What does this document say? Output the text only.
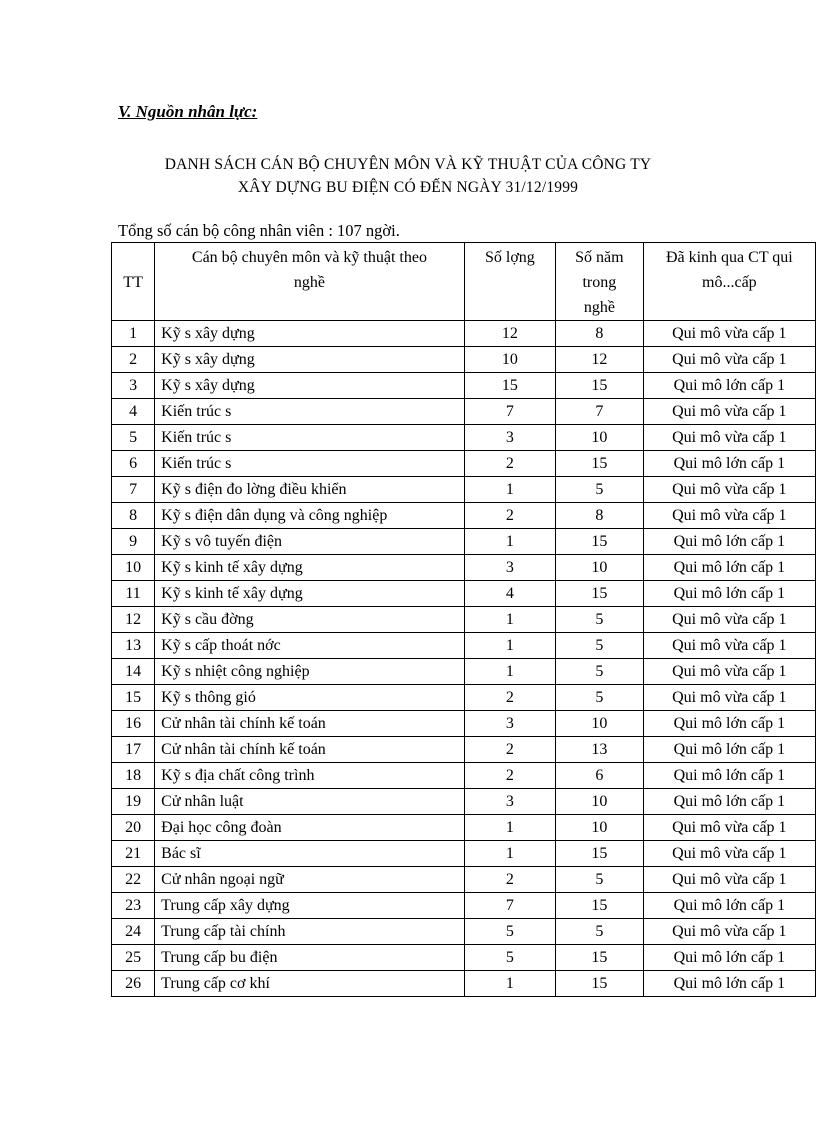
V. Nguồn nhân lực:
DANH SÁCH CÁN BỘ CHUYÊN MÔN VÀ KỸ THUẬT CỦA CÔNG TY
XÂY DỰNG BU ĐIỆN CÓ ĐẾN NGÀY 31/12/1999
Tổng số cán bộ công nhân viên : 107 ngời.
TT	Cán bộ chuyên môn và kỹ thuật theo nghề	Số lợng	Số năm trong nghề	Đã kinh qua CT qui mô...cấp
1	Kỹ s xây dựng	12	8	Qui mô vừa cấp 1
2	Kỹ s xây dựng	10	12	Qui mô vừa cấp 1
3	Kỹ s xây dựng	15	15	Qui mô lớn cấp 1
4	Kiến trúc s	7	7	Qui mô vừa cấp 1
5	Kiến trúc s	3	10	Qui mô vừa cấp 1
6	Kiến trúc s	2	15	Qui mô lớn cấp 1
7	Kỹ s điện đo lờng điều khiển	1	5	Qui mô vừa cấp 1
8	Kỹ s điện dân dụng và công nghiệp	2	8	Qui mô vừa cấp 1
9	Kỹ s vô tuyến điện	1	15	Qui mô lớn cấp 1
10	Kỹ s kinh tế xây dựng	3	10	Qui mô lớn cấp 1
11	Kỹ s kinh tế xây dựng	4	15	Qui mô lớn cấp 1
12	Kỹ s cầu đờng	1	5	Qui mô vừa cấp 1
13	Kỹ s cấp thoát nớc	1	5	Qui mô vừa cấp 1
14	Kỹ s nhiệt công nghiệp	1	5	Qui mô vừa cấp 1
15	Kỹ s thông gió	2	5	Qui mô vừa cấp 1
16	Cử nhân tài chính kế toán	3	10	Qui mô lớn cấp 1
17	Cử nhân tài chính kế toán	2	13	Qui mô lớn cấp 1
18	Kỹ s địa chất công trình	2	6	Qui mô lớn cấp 1
19	Cử nhân luật	3	10	Qui mô lớn cấp 1
20	Đại học công đoàn	1	10	Qui mô vừa cấp 1
21	Bác sĩ	1	15	Qui mô vừa cấp 1
22	Cử nhân ngoại ngữ	2	5	Qui mô vừa cấp 1
23	Trung cấp xây dựng	7	15	Qui mô lớn cấp 1
24	Trung cấp tài chính	5	5	Qui mô vừa cấp 1
25	Trung cấp bu điện	5	15	Qui mô lớn cấp 1
26	Trung cấp cơ khí	1	15	Qui mô lớn cấp 1
